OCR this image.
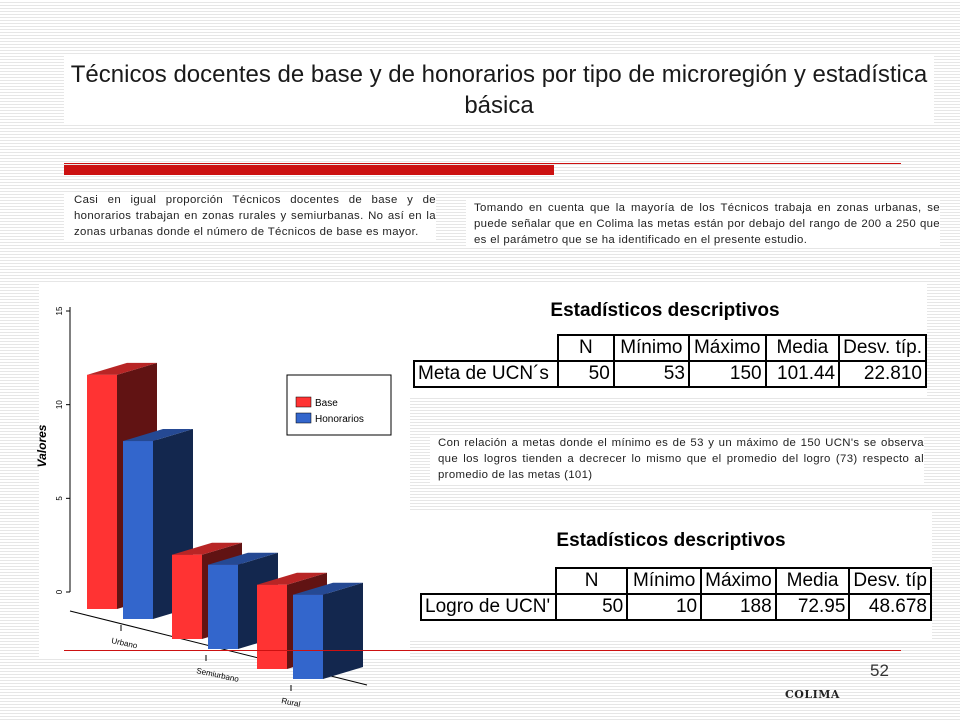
Técnicos docentes de base y de honorarios por tipo de microregión y estadística básica
Casi en igual proporción Técnicos docentes de base y de honorarios trabajan en zonas rurales y semiurbanas. No así en la zonas urbanas donde el número de Técnicos de base es mayor.
Tomando en cuenta que la mayoría de los Técnicos trabaja en zonas urbanas, se puede señalar que en Colima las metas están por debajo del rango de 200 a 250 que es el parámetro que se ha identificado en el presente estudio.
0
5
10
15
Valores
Urbano
Semiurbano
Rural
Base
Honorarios
Estadísticos descriptivos
	N	Mínimo	Máximo	Media	Desv. típ.
Meta de UCN´s	50	53	150	101.44	22.810
Con relación a metas donde el mínimo es de 53 y un máximo de 150 UCN's se observa que los logros tienden a decrecer lo mismo que el promedio del logro (73) respecto al promedio de las metas (101)
Estadísticos descriptivos
	N	Mínimo	Máximo	Media	Desv. típ
Logro de UCN'	50	10	188	72.95	48.678
52
COLIMA
